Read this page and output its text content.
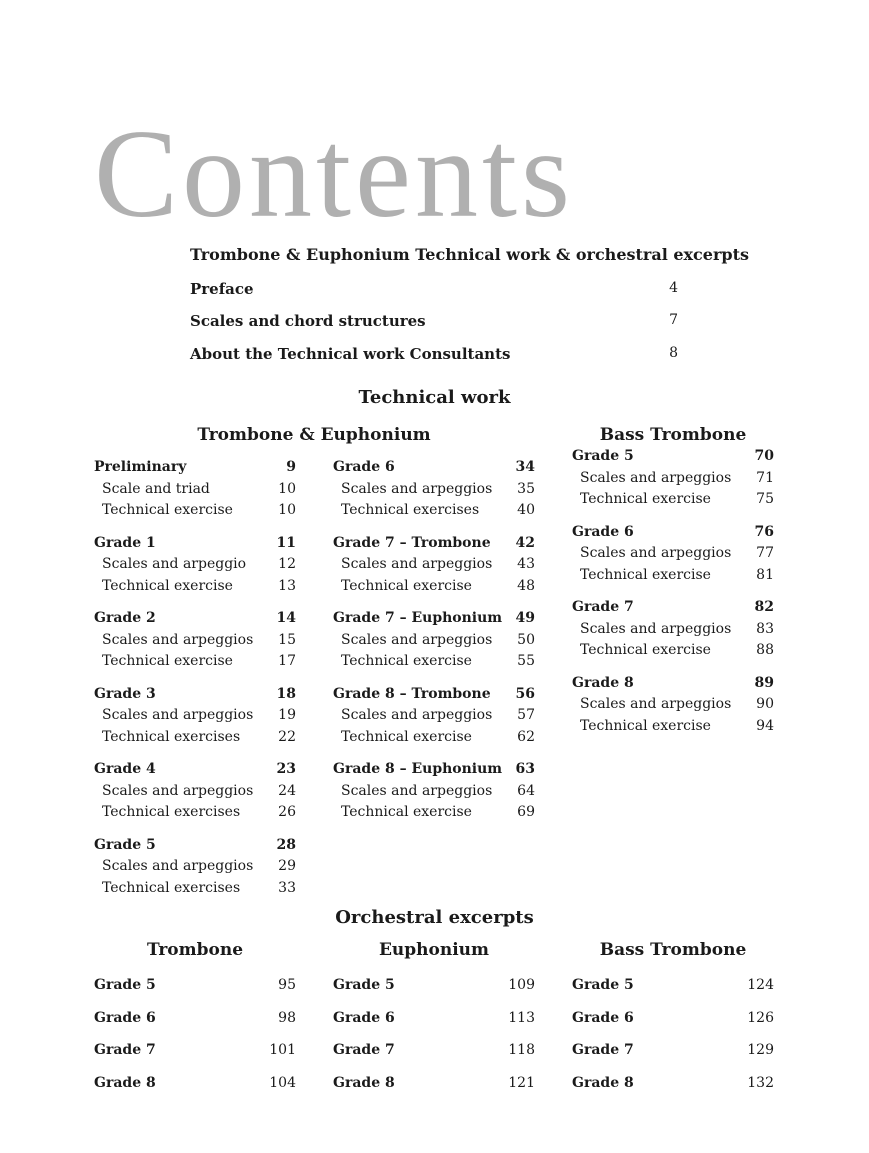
Contents
Trombone & Euphonium Technical work & orchestral excerpts
Preface	4
Scales and chord structures	7
About the Technical work Consultants	8
Technical work
Trombone & Euphonium	Bass Trombone
Preliminary	9
Scale and triad	10
Technical exercise	10
Grade 1	11
Scales and arpeggio 12
Technical exercise	13
Grade 2	14
Scales and arpeggios 15
Technical exercise	17
Grade 3	18
Scales and arpeggios 19
Technical exercises	22
Grade 4	23
Scales and arpeggios 24
Technical exercises	26
Grade 5	28
Scales and arpeggios 29
Technical exercises	33
Grade 6	34
Scales and arpeggios 35
Technical exercises	40
Grade 7 – Trombone 42
Scales and arpeggios 43
Technical exercise	48
Grade 7 – Euphonium 49
Scales and arpeggios 50
Technical exercise	55
Grade 8 – Trombone 56
Scales and arpeggios 57
Technical exercise	62
Grade 8 – Euphonium 63
Scales and arpeggios 64
Technical exercise	69
Grade 5	70
Scales and arpeggios 71
Technical exercise	75
Grade 6	76
Scales and arpeggios 77
Technical exercise	81
Grade 7	82
Scales and arpeggios 83
Technical exercise	88
Grade 8	89
Scales and arpeggios 90
Technical exercise	94
Orchestral excerpts
Trombone	Euphonium	Bass Trombone
Grade 5	95
Grade 6	98
Grade 7	101
Grade 8	104
Grade 5	109
Grade 6	113
Grade 7	118
Grade 8	121
Grade 5	124
Grade 6	126
Grade 7	129
Grade 8	132
